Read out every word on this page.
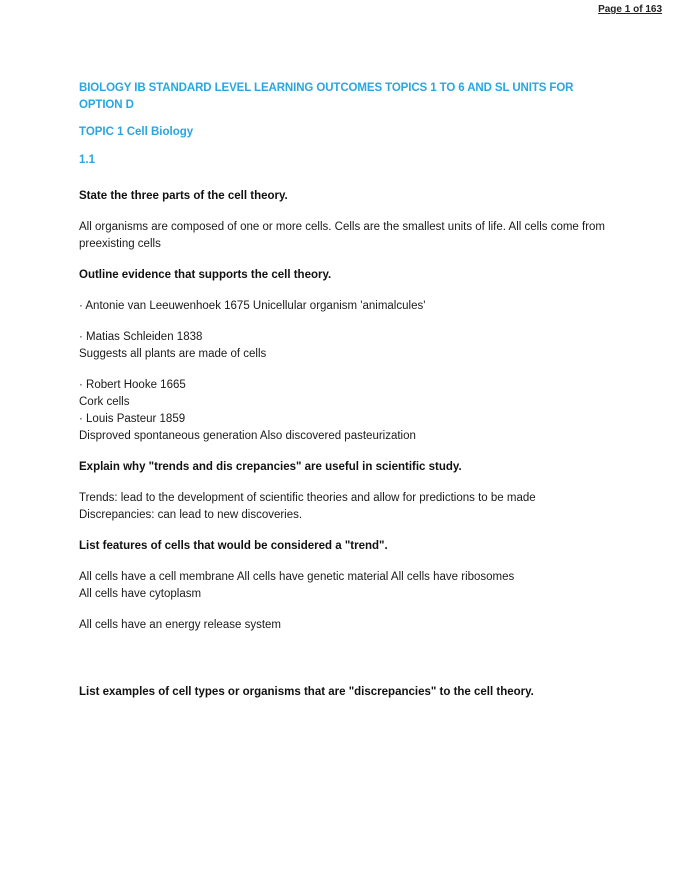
Page 1 of 163

BIOLOGY IB STANDARD LEVEL LEARNING OUTCOMES TOPICS 1 TO 6 AND SL UNITS FOR OPTION D

TOPIC 1 Cell Biology

1.1

State the three parts of the cell theory.

All organisms are composed of one or more cells. Cells are the smallest units of life. All cells come from preexisting cells

Outline evidence that supports the cell theory.

· Antonie van Leeuwenhoek 1675 Unicellular organism 'animalcules'

· Matias Schleiden 1838

Suggests all plants are made of cells

· Robert Hooke 1665

Cork cells

· Louis Pasteur 1859

Disproved spontaneous generation Also discovered pasteurization

Explain why "trends and dis crepancies" are useful in scientific study.

Trends: lead to the development of scientific theories and allow for predictions to be made

Discrepancies: can lead to new discoveries.

List features of cells that would be considered a "trend".

All cells have a cell membrane All cells have genetic material All cells have ribosomes

All cells have cytoplasm

All cells have an energy release system

List examples of cell types or organisms that are "discrepancies" to the cell theory.
